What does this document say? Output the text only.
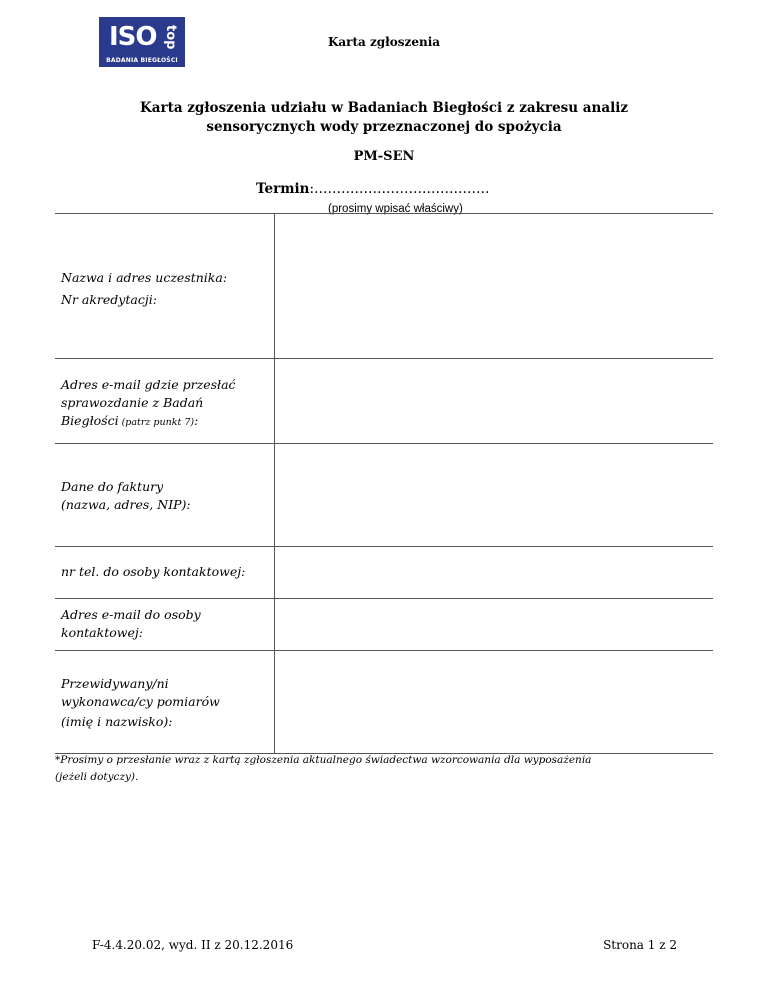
ISO top
BADANIA BIEGŁOŚCI
Karta zgłoszenia
Karta zgłoszenia udziału w Badaniach Biegłości z zakresu analiz
sensorycznych wody przeznaczonej do spożycia
PM-SEN
Termin:…………………………………
(prosimy wpisać właściwy)
Nazwa i adres uczestnika:
Nr akredytacji:
Adres e-mail gdzie przesłać
sprawozdanie z Badań
Biegłości (patrz punkt 7):
Dane do faktury
(nazwa, adres, NIP):
nr tel. do osoby kontaktowej:
Adres e-mail do osoby
kontaktowej:
Przewidywany/ni
wykonawca/cy pomiarów
(imię i nazwisko):
*Prosimy o przesłanie wraz z kartą zgłoszenia aktualnego świadectwa wzorcowania dla wyposażenia
(jeżeli dotyczy).
F-4.4.20.02, wyd. II z 20.12.2016	Strona 1 z 2
